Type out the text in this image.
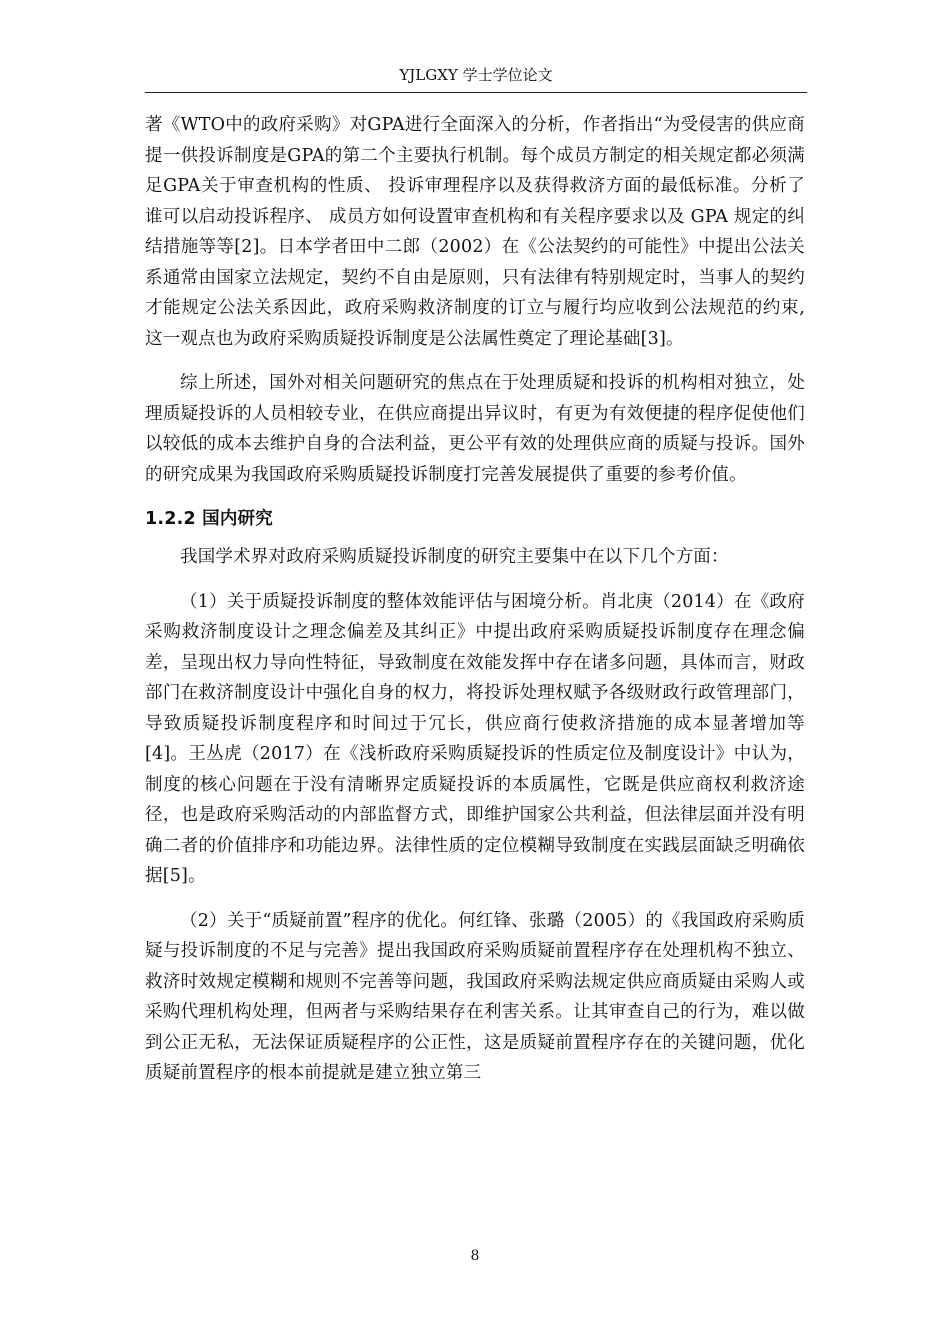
YJLGXY 学士学位论文

著《WTO中的政府采购》对GPA进行全面深入的分析，作者指出“为受侵害的供应商提一供投诉制度是GPA的第二个主要执行机制。每个成员方制定的相关规定都必须满足GPA关于审查机构的性质、 投诉审理程序以及获得救济方面的最低标准。分析了谁可以启动投诉程序、 成员方如何设置审查机构和有关程序要求以及 GPA 规定的纠结措施等等[2]。日本学者田中二郎（2002）在《公法契约的可能性》中提出公法关系通常由国家立法规定，契约不自由是原则，只有法律有特别规定时，当事人的契约才能规定公法关系因此，政府采购救济制度的订立与履行均应收到公法规范的约束,这一观点也为政府采购质疑投诉制度是公法属性奠定了理论基础[3]。

综上所述，国外对相关问题研究的焦点在于处理质疑和投诉的机构相对独立，处理质疑投诉的人员相较专业，在供应商提出异议时，有更为有效便捷的程序促使他们以较低的成本去维护自身的合法利益，更公平有效的处理供应商的质疑与投诉。国外的研究成果为我国政府采购质疑投诉制度打完善发展提供了重要的参考价值。

1.2.2 国内研究

我国学术界对政府采购质疑投诉制度的研究主要集中在以下几个方面：

（1）关于质疑投诉制度的整体效能评估与困境分析。肖北庚（2014）在《政府采购救济制度设计之理念偏差及其纠正》中提出政府采购质疑投诉制度存在理念偏差，呈现出权力导向性特征，导致制度在效能发挥中存在诸多问题，具体而言，财政部门在救济制度设计中强化自身的权力，将投诉处理权赋予各级财政行政管理部门，导致质疑投诉制度程序和时间过于冗长，供应商行使救济措施的成本显著增加等[4]。王丛虎（2017）在《浅析政府采购质疑投诉的性质定位及制度设计》中认为，制度的核心问题在于没有清晰界定质疑投诉的本质属性，它既是供应商权利救济途径，也是政府采购活动的内部监督方式，即维护国家公共利益，但法律层面并没有明确二者的价值排序和功能边界。法律性质的定位模糊导致制度在实践层面缺乏明确依据[5]。

（2）关于“质疑前置”程序的优化。何红锋、张璐（2005）的《我国政府采购质疑与投诉制度的不足与完善》提出我国政府采购质疑前置程序存在处理机构不独立、救济时效规定模糊和规则不完善等问题，我国政府采购法规定供应商质疑由采购人或采购代理机构处理，但两者与采购结果存在利害关系。让其审查自己的行为，难以做到公正无私，无法保证质疑程序的公正性，这是质疑前置程序存在的关键问题，优化质疑前置程序的根本前提就是建立独立第三

8
